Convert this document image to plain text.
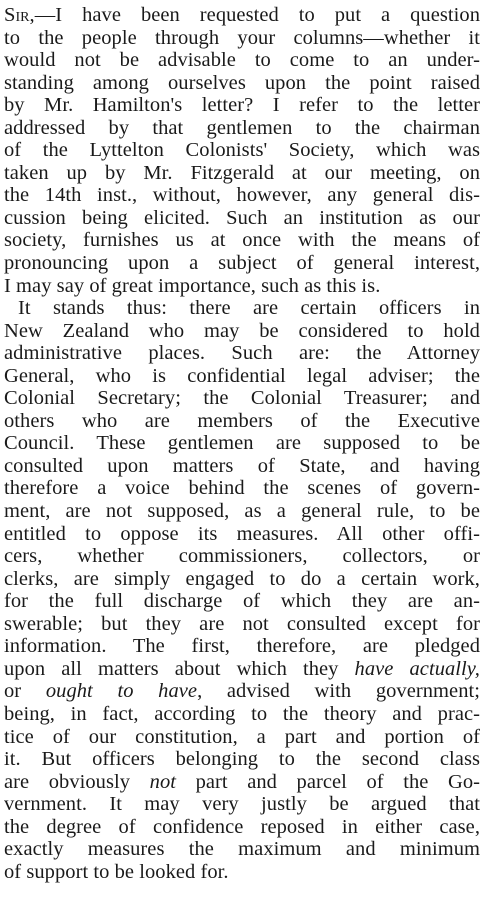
Sir,—I have been requested to put a question
to the people through your columns—whether it
would not be advisable to come to an under-
standing among ourselves upon the point raised
by Mr. Hamilton's letter? I refer to the letter
addressed by that gentlemen to the chairman
of the Lyttelton Colonists' Society, which was
taken up by Mr. Fitzgerald at our meeting, on
the 14th inst., without, however, any general dis-
cussion being elicited. Such an institution as our
society, furnishes us at once with the means of
pronouncing upon a subject of general interest,
I may say of great importance, such as this is.
It stands thus: there are certain officers in
New Zealand who may be considered to hold
administrative places. Such are: the Attorney
General, who is confidential legal adviser; the
Colonial Secretary; the Colonial Treasurer; and
others who are members of the Executive
Council. These gentlemen are supposed to be
consulted upon matters of State, and having
therefore a voice behind the scenes of govern-
ment, are not supposed, as a general rule, to be
entitled to oppose its measures. All other offi-
cers, whether commissioners, collectors, or
clerks, are simply engaged to do a certain work,
for the full discharge of which they are an-
swerable; but they are not consulted except for
information. The first, therefore, are pledged
upon all matters about which they have actually,
or ought to have, advised with government;
being, in fact, according to the theory and prac-
tice of our constitution, a part and portion of
it. But officers belonging to the second class
are obviously not part and parcel of the Go-
vernment. It may very justly be argued that
the degree of confidence reposed in either case,
exactly measures the maximum and minimum
of support to be looked for.
